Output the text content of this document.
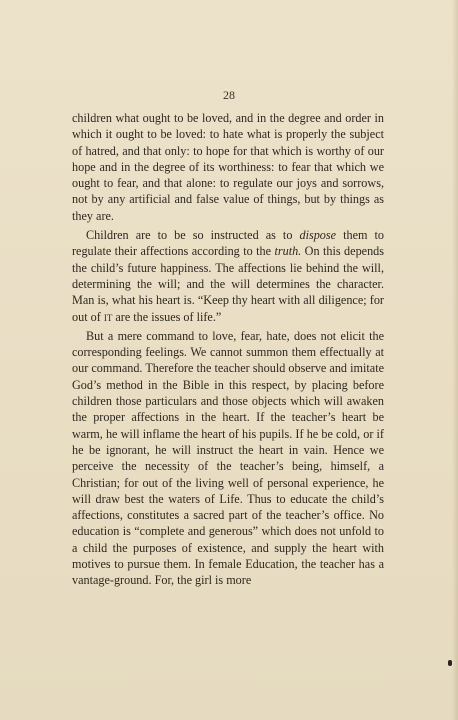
28

children what ought to be loved, and in the degree and order in which it ought to be loved: to hate what is properly the subject of hatred, and that only: to hope for that which is worthy of our hope and in the degree of its worthiness: to fear that which we ought to fear, and that alone: to regulate our joys and sorrows, not by any artificial and false value of things, but by things as they are.

Children are to be so instructed as to dispose them to regulate their affections according to the truth. On this depends the child’s future happiness. The affections lie behind the will, determining the will; and the will determines the character. Man is, what his heart is. “Keep thy heart with all diligence; for out of it are the issues of life.”

But a mere command to love, fear, hate, does not elicit the corresponding feelings. We cannot summon them effectually at our command. Therefore the teacher should observe and imitate God’s method in the Bible in this respect, by placing before children those particulars and those objects which will awaken the proper affections in the heart. If the teacher’s heart be warm, he will inflame the heart of his pupils. If he be cold, or if he be ignorant, he will instruct the heart in vain. Hence we perceive the necessity of the teacher’s being, himself, a Christian; for out of the living well of personal experience, he will draw best the waters of Life. Thus to educate the child’s affections, constitutes a sacred part of the teacher’s office. No education is “complete and generous” which does not unfold to a child the purposes of existence, and supply the heart with motives to pursue them. In female Education, the teacher has a vantage-ground. For, the girl is more
